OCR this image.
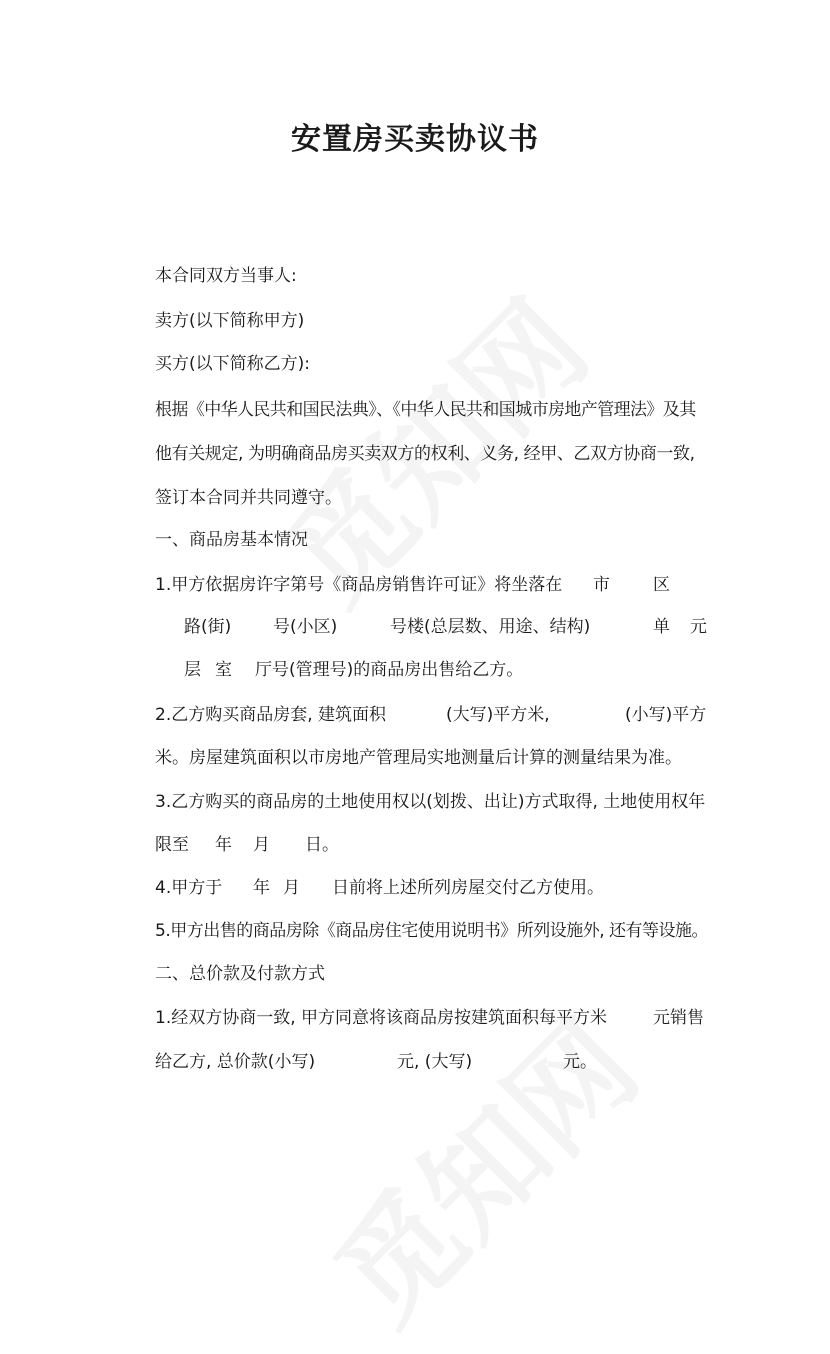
安置房买卖协议书
本合同双方当事人:
卖方(以下简称甲方)
买方(以下简称乙方):
根据《中华人民共和国民法典》、《中华人民共和国城市房地产管理法》及其
他有关规定, 为明确商品房买卖双方的权利、义务, 经甲、乙双方协商一致,
签订本合同并共同遵守。
一、商品房基本情况
1.甲方依据房许字第号《商品房销售许可证》将坐落在 市	区
路(街) 号(小区)	号楼(总层数、用途、结构)	单 元
层 室 厅号(管理号)的商品房出售给乙方。
2.乙方购买商品房套, 建筑面积	(大写)平方米,	(小写)平方
米。房屋建筑面积以市房地产管理局实地测量后计算的测量结果为准。
3.乙方购买的商品房的土地使用权以(划拨、出让)方式取得, 土地使用权年
限至 年 月 日。
4.甲方于 年 月 日前将上述所列房屋交付乙方使用。
5.甲方出售的商品房除《商品房住宅使用说明书》所列设施外, 还有等设施。
二、总价款及付款方式
1.经双方协商一致, 甲方同意将该商品房按建筑面积每平方米	元销售
给乙方, 总价款(小写)	元, (大写)	元。
